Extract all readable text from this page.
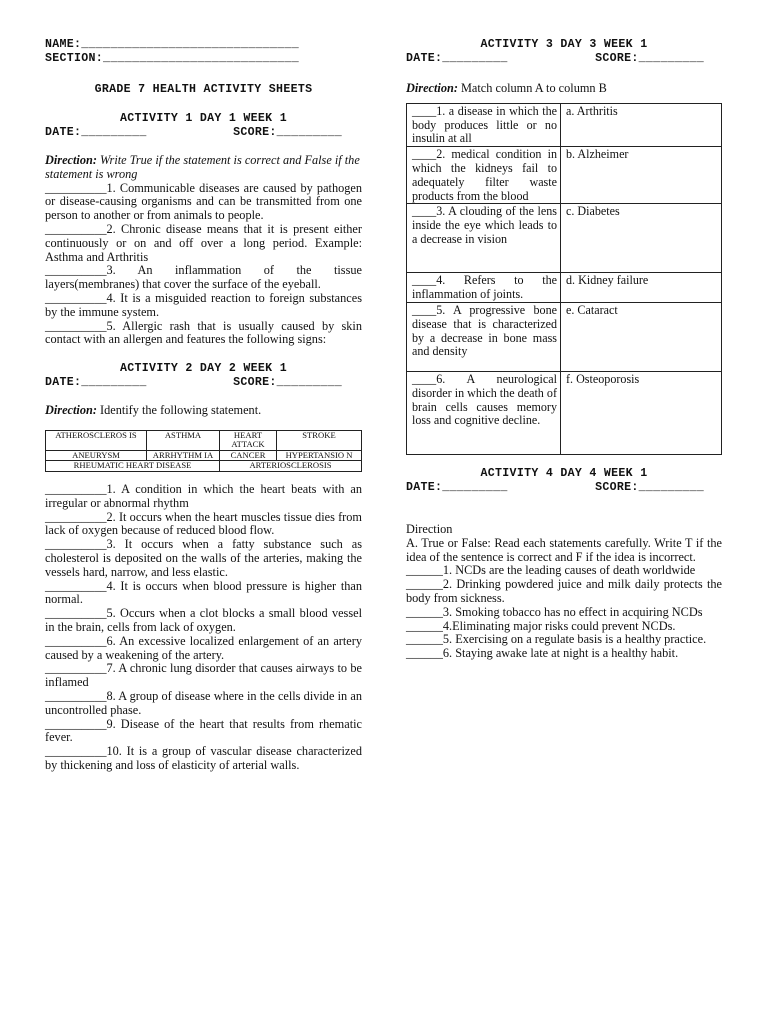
NAME:______________________________
SECTION:___________________________
GRADE 7 HEALTH ACTIVITY SHEETS
ACTIVITY 1 DAY 1 WEEK 1
DATE:_________	SCORE:_________

Direction: Write True if the statement is correct and False if the statement is wrong

__________1. Communicable diseases are caused by pathogen or disease-causing organisms and can be transmitted from one person to another or from animals to people.

__________2. Chronic disease means that it is present either continuously or on and off over a long period. Example: Asthma and Arthritis

__________3. An inflammation of the tissue layers(membranes) that cover the surface of the eyeball.

__________4. It is a misguided reaction to foreign substances by the immune system.

__________5. Allergic rash that is usually caused by skin contact with an allergen and features the following signs:

ACTIVITY 2 DAY 2 WEEK 1
DATE:_________	SCORE:_________

Direction: Identify the following statement.

ATHEROSCLEROS IS	ASTHMA	HEART ATTACK	STROKE
ANEURYSM	ARRHYTHM IA	CANCER	HYPERTANSIO N
RHEUMATIC HEART DISEASE		ARTERIOSCLEROSIS	

__________1. A condition in which the heart beats with an irregular or abnormal rhythm

__________2. It occurs when the heart muscles tissue dies from lack of oxygen because of reduced blood flow.

__________3. It occurs when a fatty substance such as cholesterol is deposited on the walls of the arteries, making the vessels hard, narrow, and less elastic.

__________4. It is occurs when blood pressure is higher than normal.

__________5. Occurs when a clot blocks a small blood vessel in the brain, cells from lack of oxygen.

__________6. An excessive localized enlargement of an artery caused by a weakening of the artery.

__________7. A chronic lung disorder that causes airways to be inflamed

__________8. A group of disease where in the cells divide in an uncontrolled phase.

__________9. Disease of the heart that results from rhematic fever.

__________10. It is a group of vascular disease characterized by thickening and loss of elasticity of arterial walls.

ACTIVITY 3 DAY 3 WEEK 1
DATE:_________	SCORE:_________

Direction: Match column A to column B

____1. a disease in which the body produces little or no insulin at all	a. Arthritis
____2. medical condition in which the kidneys fail to adequately filter waste products from the blood	b. Alzheimer
____3. A clouding of the lens inside the eye which leads to a decrease in vision	c. Diabetes
____4. Refers to the inflammation of joints.	d. Kidney failure
____5. A progressive bone disease that is characterized by a decrease in bone mass and density	e. Cataract
____6. A neurological disorder in which the death of brain cells causes memory loss and cognitive decline.	f. Osteoporosis
ACTIVITY 4 DAY 4 WEEK 1
DATE:_________	SCORE:_________

Direction

A. True or False: Read each statements carefully. Write T if the idea of the sentence is correct and F if the idea is incorrect.

______1. NCDs are the leading causes of death worldwide

______2. Drinking powdered juice and milk daily protects the body from sickness.

______3. Smoking tobacco has no effect in acquiring NCDs

______4.Eliminating major risks could prevent NCDs.

______5. Exercising on a regulate basis is a healthy practice.

______6. Staying awake late at night is a healthy habit.
